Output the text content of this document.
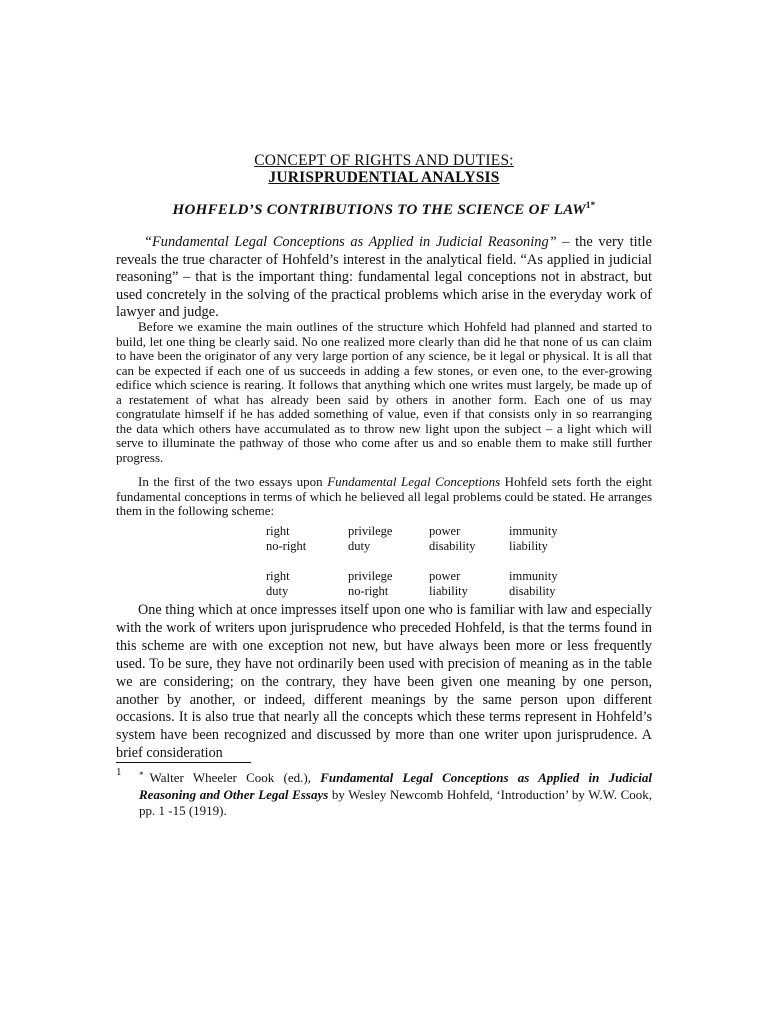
CONCEPT OF RIGHTS AND DUTIES:
JURISPRUDENTIAL ANALYSIS
HOHFELD’S CONTRIBUTIONS TO THE SCIENCE OF $LAW^{1*}$

“Fundamental Legal Conceptions as Applied in Judicial Reasoning” – the very title reveals the true character of Hohfeld’s interest in the analytical field. “As applied in judicial reasoning” – that is the important thing: fundamental legal conceptions not in abstract, but used concretely in the solving of the practical problems which arise in the everyday work of lawyer and judge.

Before we examine the main outlines of the structure which Hohfeld had planned and started to build, let one thing be clearly said. No one realized more clearly than did he that none of us can claim to have been the originator of any very large portion of any science, be it legal or physical. It is all that can be expected if each one of us succeeds in adding a few stones, or even one, to the ever-growing edifice which science is rearing. It follows that anything which one writes must largely, be made up of a restatement of what has already been said by others in another form. Each one of us may congratulate himself if he has added something of value, even if that consists only in so rearranging the data which others have accumulated as to throw new light upon the subject – a light which will serve to illuminate the pathway of those who come after us and so enable them to make still further progress.

In the first of the two essays upon Fundamental Legal Conceptions Hohfeld sets forth the eight fundamental conceptions in terms of which he believed all legal problems could be stated. He arranges them in the following scheme:

right	privilege	power	immunity
no-right	duty	disability	liability
right	privilege	power	immunity
duty	no-right	liability	disability

One thing which at once impresses itself upon one who is familiar with law and especially with the work of writers upon jurisprudence who preceded Hohfeld, is that the terms found in this scheme are with one exception not new, but have always been more or less frequently used. To be sure, they have not ordinarily been used with precision of meaning as in the table we are considering; on the contrary, they have been given one meaning by one person, another by another, or indeed, different meanings by the same person upon different occasions. It is also true that nearly all the concepts which these terms represent in Hohfeld’s system have been recognized and discussed by more than one writer upon jurisprudence. A brief consideration

1 * Walter Wheeler Cook (ed.), Fundamental Legal Conceptions as Applied in Judicial Reasoning and Other Legal Essays by Wesley Newcomb Hohfeld, ‘Introduction’ by W.W. Cook, pp. 1 -15 (1919).
